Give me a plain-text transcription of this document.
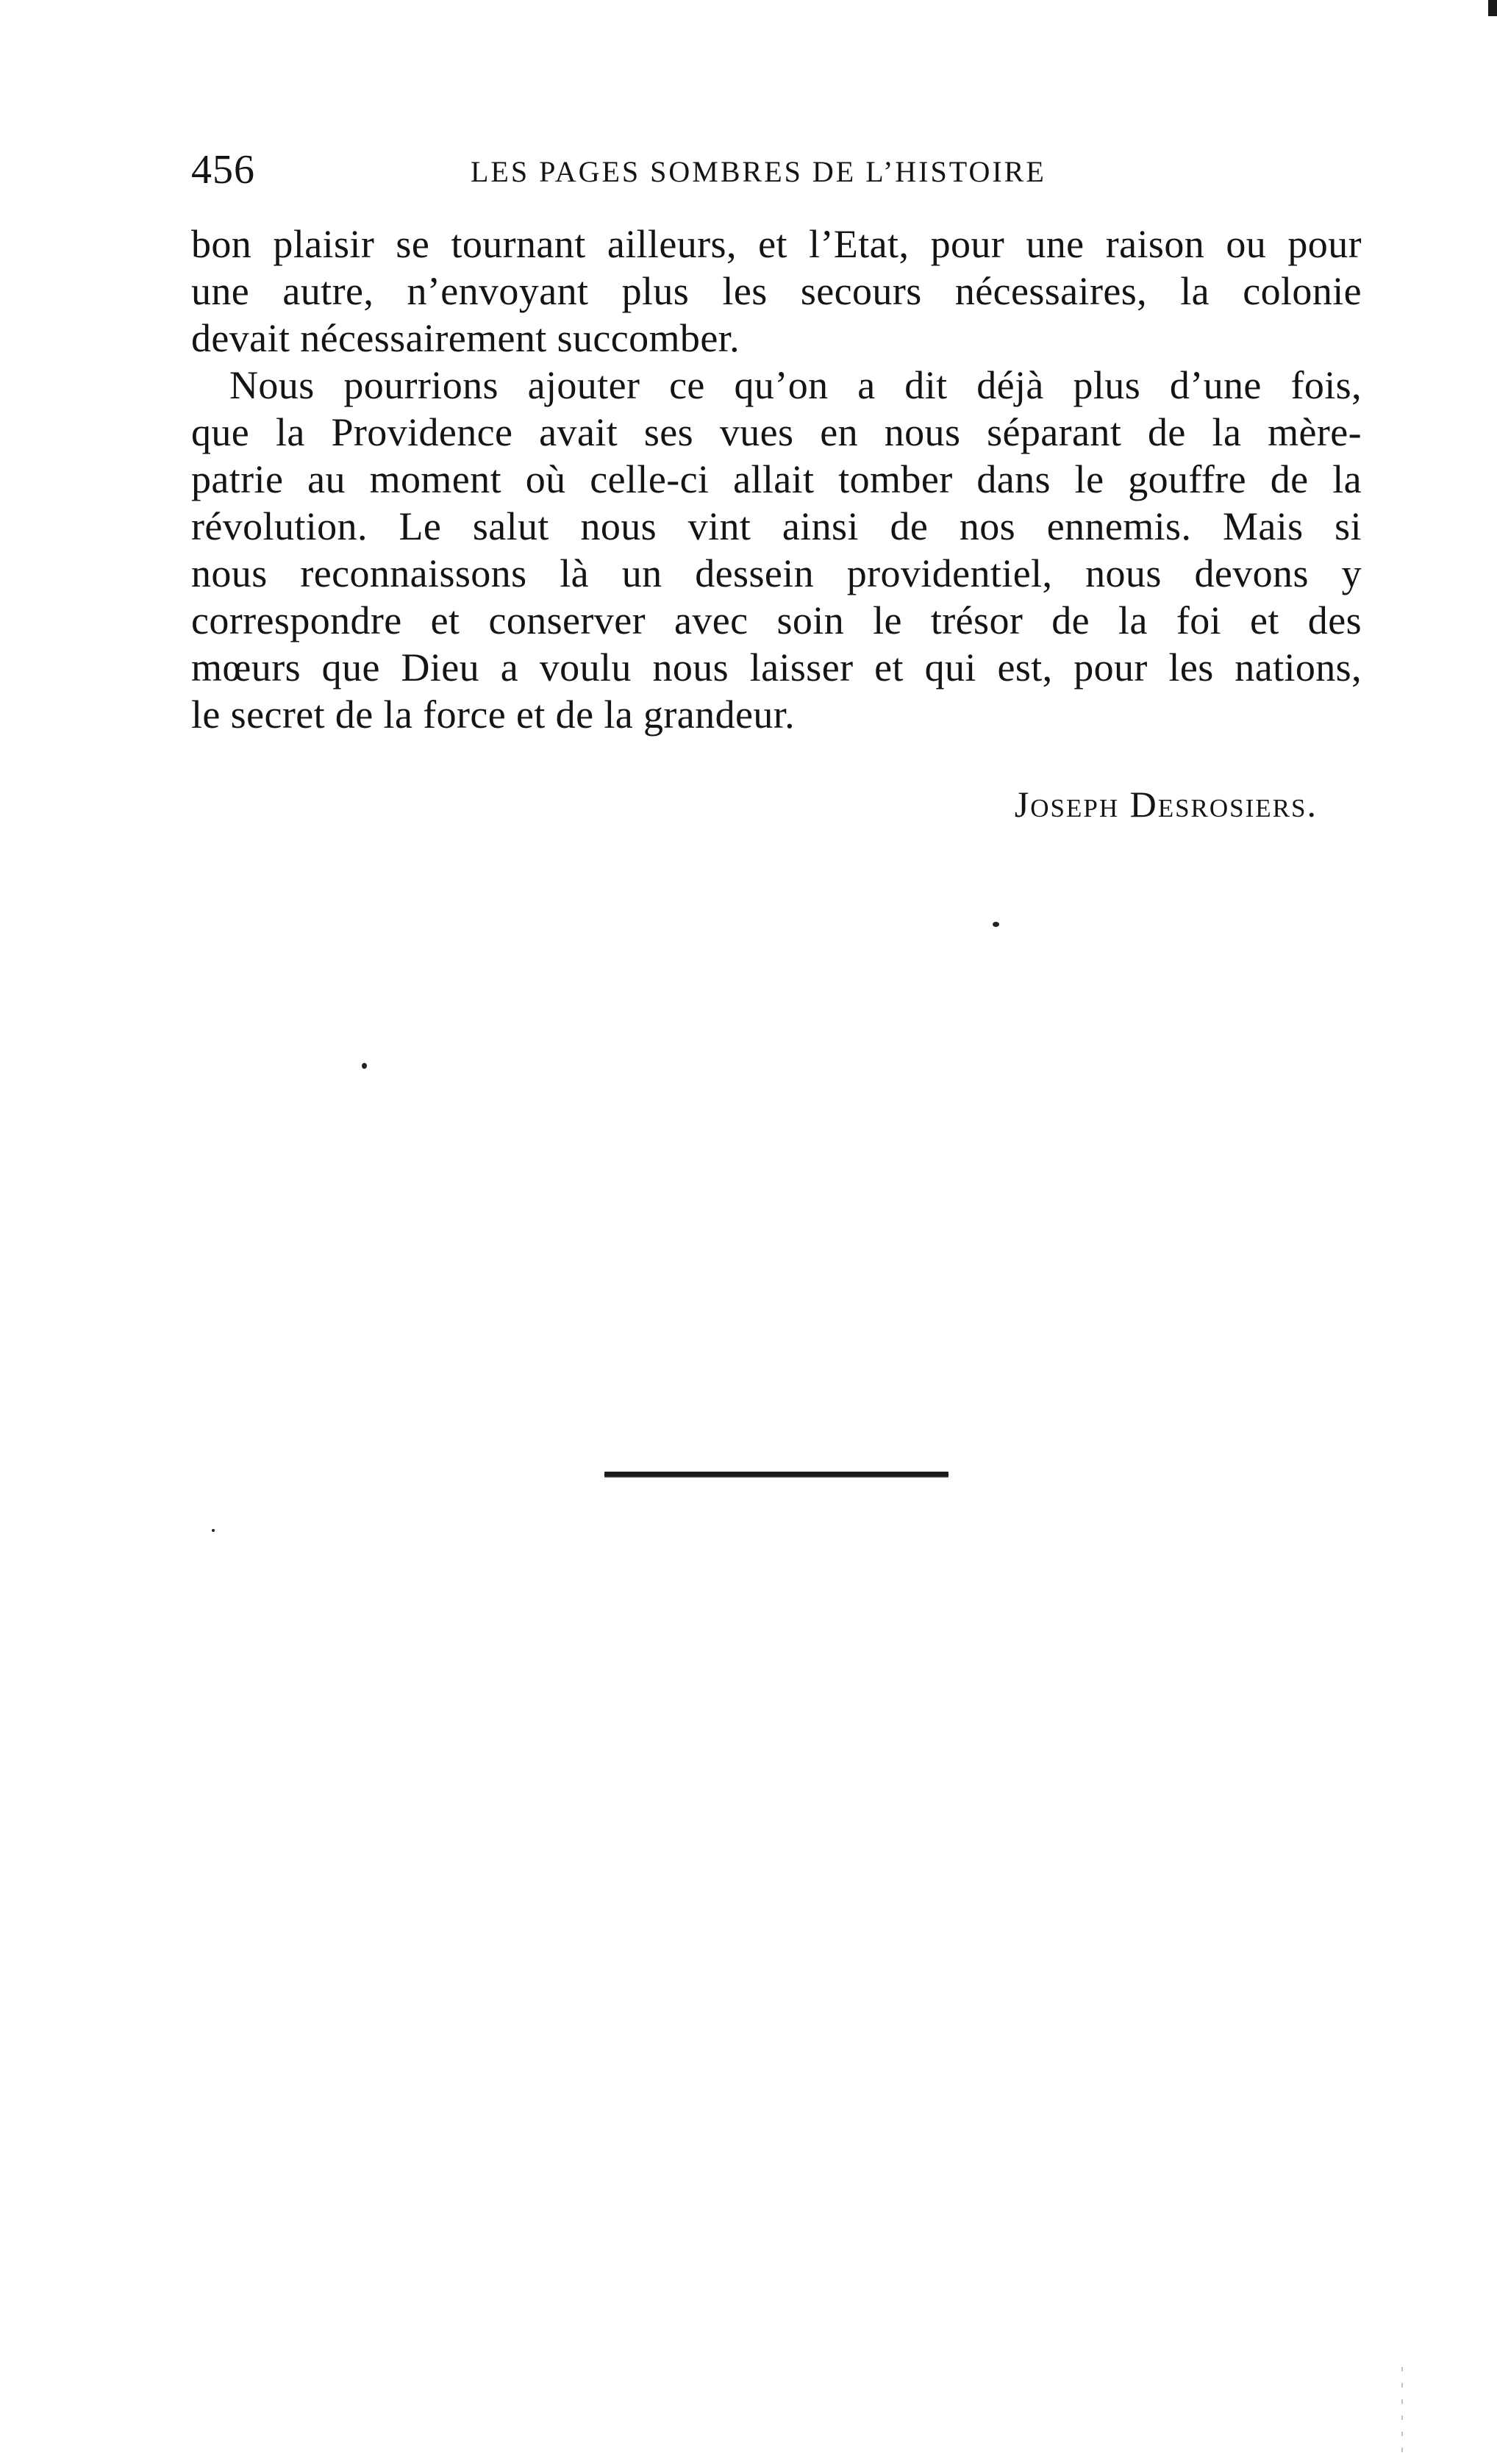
456	LES PAGES SOMBRES DE L’HISTOIRE
bon plaisir se tournant ailleurs, et l’Etat, pour une raison ou pour
une autre, n’envoyant plus les secours nécessaires, la colonie
devait nécessairement succomber.
Nous pourrions ajouter ce qu’on a dit déjà plus d’une fois,
que la Providence avait ses vues en nous séparant de la mère-
patrie au moment où celle-ci allait tomber dans le gouffre de la
révolution. Le salut nous vint ainsi de nos ennemis. Mais si
nous reconnaissons là un dessein providentiel, nous devons y
correspondre et conserver avec soin le trésor de la foi et des
mœurs que Dieu a voulu nous laisser et qui est, pour les nations,
le secret de la force et de la grandeur.
Joseph Desrosiers.
